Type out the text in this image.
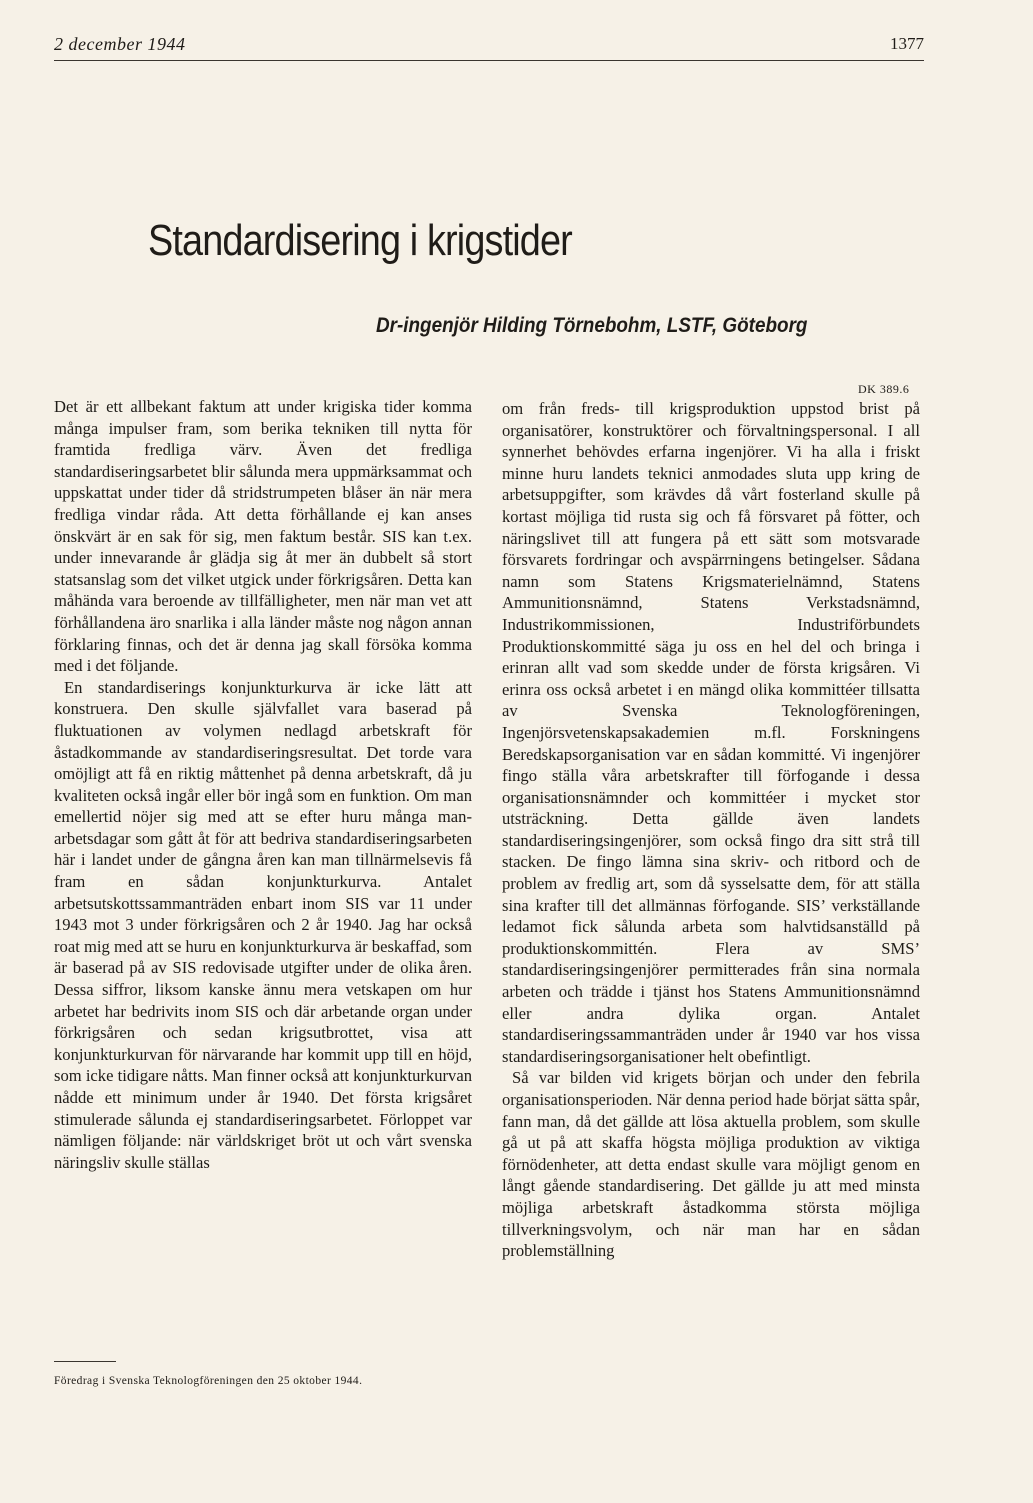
2 december 1944	1377
Standardisering i krigstider
Dr-ingenjör Hilding Törnebohm, LSTF, Göteborg
DK 389.6

Det är ett allbekant faktum att under krigiska tider komma många impulser fram, som berika tekniken till nytta för framtida fredliga värv. Även det fredliga standardiseringsarbetet blir sålunda mera uppmärksammat och uppskattat under tider då stridstrumpeten blåser än när mera fredliga vindar råda. Att detta förhållande ej kan anses önskvärt är en sak för sig, men faktum består. SIS kan t.ex. under innevarande år glädja sig åt mer än dubbelt så stort statsanslag som det vilket utgick under förkrigsåren. Detta kan måhända vara beroende av tillfälligheter, men när man vet att förhållandena äro snarlika i alla länder måste nog någon annan förklaring finnas, och det är denna jag skall försöka komma med i det följande.

En standardiserings konjunkturkurva är icke lätt att konstruera. Den skulle självfallet vara baserad på fluktuationen av volymen nedlagd arbetskraft för åstadkommande av standardiseringsresultat. Det torde vara omöjligt att få en riktig måttenhet på denna arbetskraft, då ju kvaliteten också ingår eller bör ingå som en funktion. Om man emellertid nöjer sig med att se efter huru många man-arbetsdagar som gått åt för att bedriva standardiseringsarbeten här i landet under de gångna åren kan man tillnärmelsevis få fram en sådan konjunkturkurva. Antalet arbetsutskottssammanträden enbart inom SIS var 11 under 1943 mot 3 under förkrigsåren och 2 år 1940. Jag har också roat mig med att se huru en konjunkturkurva är beskaffad, som är baserad på av SIS redovisade utgifter under de olika åren. Dessa siffror, liksom kanske ännu mera vetskapen om hur arbetet har bedrivits inom SIS och där arbetande organ under förkrigsåren och sedan krigsutbrottet, visa att konjunkturkurvan för närvarande har kommit upp till en höjd, som icke tidigare nåtts. Man finner också att konjunkturkurvan nådde ett minimum under år 1940. Det första krigsåret stimulerade sålunda ej standardiseringsarbetet. Förloppet var nämligen följande: när världskriget bröt ut och vårt svenska näringsliv skulle ställas

om från freds- till krigsproduktion uppstod brist på organisatörer, konstruktörer och förvaltningspersonal. I all synnerhet behövdes erfarna ingenjörer. Vi ha alla i friskt minne huru landets teknici anmodades sluta upp kring de arbetsuppgifter, som krävdes då vårt fosterland skulle på kortast möjliga tid rusta sig och få försvaret på fötter, och näringslivet till att fungera på ett sätt som motsvarade försvarets fordringar och avspärrningens betingelser. Sådana namn som Statens Krigsmaterielnämnd, Statens Ammunitionsnämnd, Statens Verkstadsnämnd, Industrikommissionen, Industriförbundets Produktionskommitté säga ju oss en hel del och bringa i erinran allt vad som skedde under de första krigsåren. Vi erinra oss också arbetet i en mängd olika kommittéer tillsatta av Svenska Teknologföreningen, Ingenjörsvetenskapsakademien m.fl. Forskningens Beredskapsorganisation var en sådan kommitté. Vi ingenjörer fingo ställa våra arbetskrafter till förfogande i dessa organisationsnämnder och kommittéer i mycket stor utsträckning. Detta gällde även landets standardiseringsingenjörer, som också fingo dra sitt strå till stacken. De fingo lämna sina skriv- och ritbord och de problem av fredlig art, som då sysselsatte dem, för att ställa sina krafter till det allmännas förfogande. SIS’ verkställande ledamot fick sålunda arbeta som halvtidsanställd på produktionskommittén. Flera av SMS’ standardiseringsingenjörer permitterades från sina normala arbeten och trädde i tjänst hos Statens Ammunitionsnämnd eller andra dylika organ. Antalet standardiseringssammanträden under år 1940 var hos vissa standardiseringsorganisationer helt obefintligt.

Så var bilden vid krigets början och under den febrila organisationsperioden. När denna period hade börjat sätta spår, fann man, då det gällde att lösa aktuella problem, som skulle gå ut på att skaffa högsta möjliga produktion av viktiga förnödenheter, att detta endast skulle vara möjligt genom en långt gående standardisering. Det gällde ju att med minsta möjliga arbetskraft åstadkomma största möjliga tillverkningsvolym, och när man har en sådan problemställning

Föredrag i Svenska Teknologföreningen den 25 oktober 1944.
